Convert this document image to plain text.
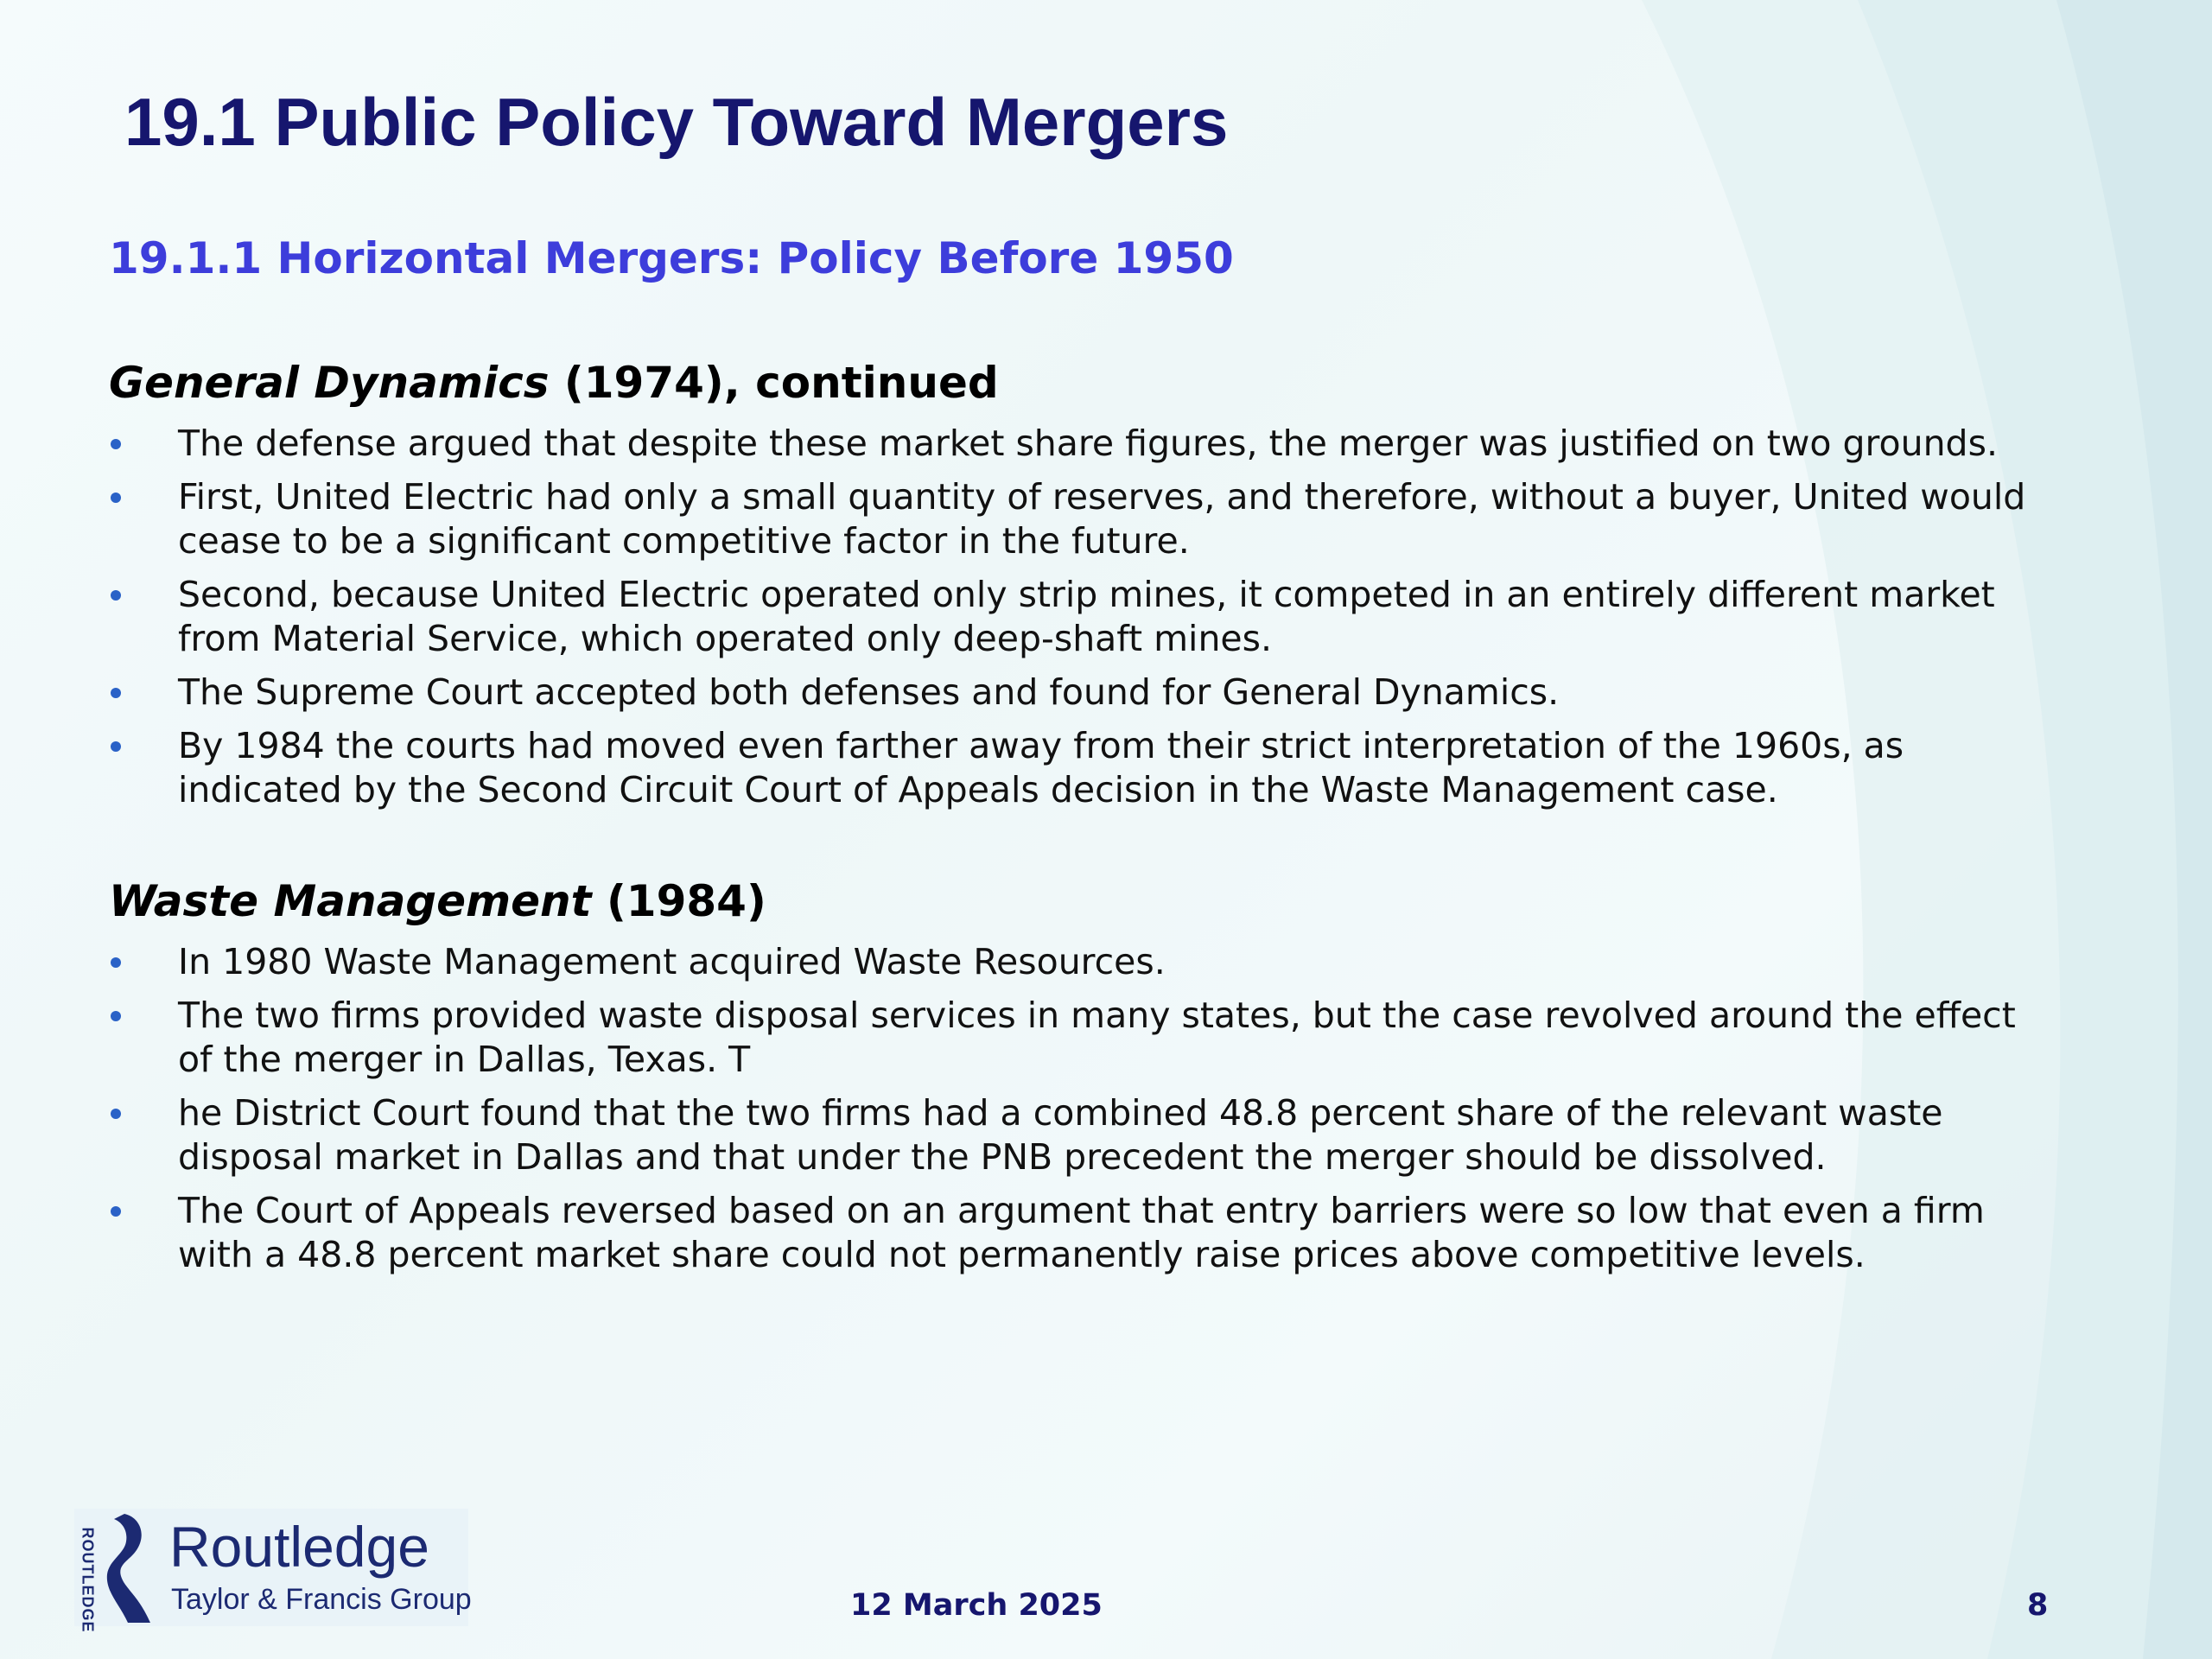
19.1 Public Policy Toward Mergers
19.1.1 Horizontal Mergers: Policy Before 1950

General Dynamics (1974), continued

The defense argued that despite these market share figures, the merger was justified on two grounds.
First, United Electric had only a small quantity of reserves, and therefore, without a buyer, United would cease to be a significant competitive factor in the future.
Second, because United Electric operated only strip mines, it competed in an entirely different market from Material Service, which operated only deep-shaft mines.
The Supreme Court accepted both defenses and found for General Dynamics.
By 1984 the courts had moved even farther away from their strict interpretation of the 1960s, as indicated by the Second Circuit Court of Appeals decision in the Waste Management case.

Waste Management (1984)

In 1980 Waste Management acquired Waste Resources.
The two firms provided waste disposal services in many states, but the case revolved around the effect of the merger in Dallas, Texas. T
he District Court found that the two firms had a combined 48.8 percent share of the relevant waste disposal market in Dallas and that under the PNB precedent the merger should be dissolved.
The Court of Appeals reversed based on an argument that entry barriers were so low that even a firm with a 48.8 percent market share could not permanently raise prices above competitive levels.
ROUTLEDGE Routledge
Taylor & Francis Group	12 March 2025	8
